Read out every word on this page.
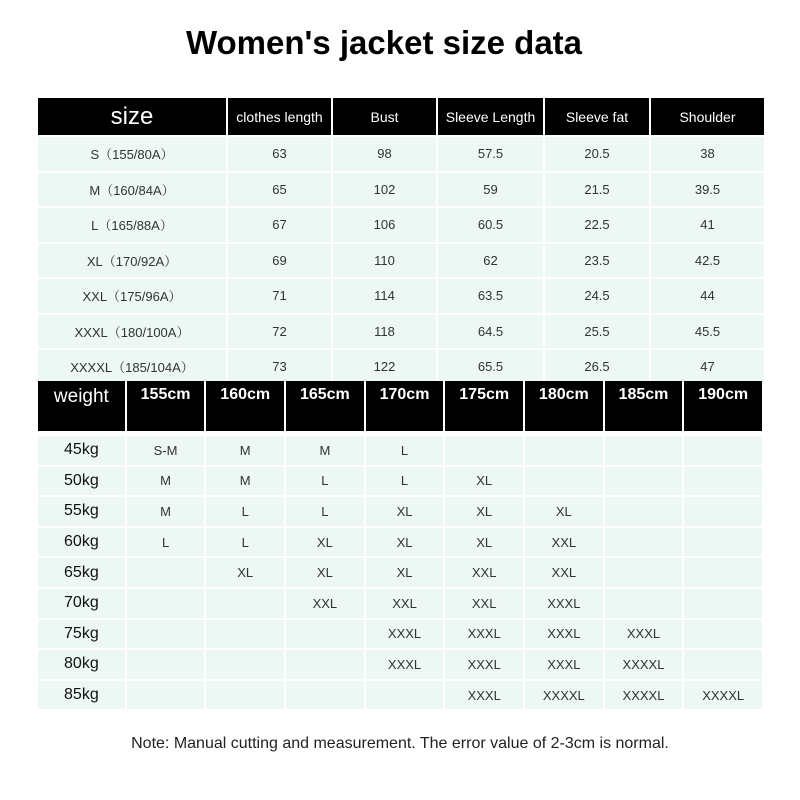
Women's jacket size data
size	clothes length	Bust	Sleeve Length	Sleeve fat	Shoulder
S（155/80A）	63	98	57.5	20.5	38
M（160/84A）	65	102	59	21.5	39.5
L（165/88A）	67	106	60.5	22.5	41
XL（170/92A）	69	110	62	23.5	42.5
XXL（175/96A）	71	114	63.5	24.5	44
XXXL（180/100A）	72	118	64.5	25.5	45.5
XXXXL（185/104A）	73	122	65.5	26.5	47
weight	155cm	160cm	165cm	170cm	175cm	180cm	185cm	190cm

45kg	S-M	M	M	L				
50kg	M	M	L	L	XL			
55kg	M	L	L	XL	XL	XL		
60kg	L	L	XL	XL	XL	XXL		
65kg		XL	XL	XL	XXL	XXL		
70kg			XXL	XXL	XXL	XXXL		
75kg				XXXL	XXXL	XXXL	XXXL	
80kg				XXXL	XXXL	XXXL	XXXXL	
85kg					XXXL	XXXXL	XXXXL	XXXXL
Note: Manual cutting and measurement. The error value of 2-3cm is normal.
